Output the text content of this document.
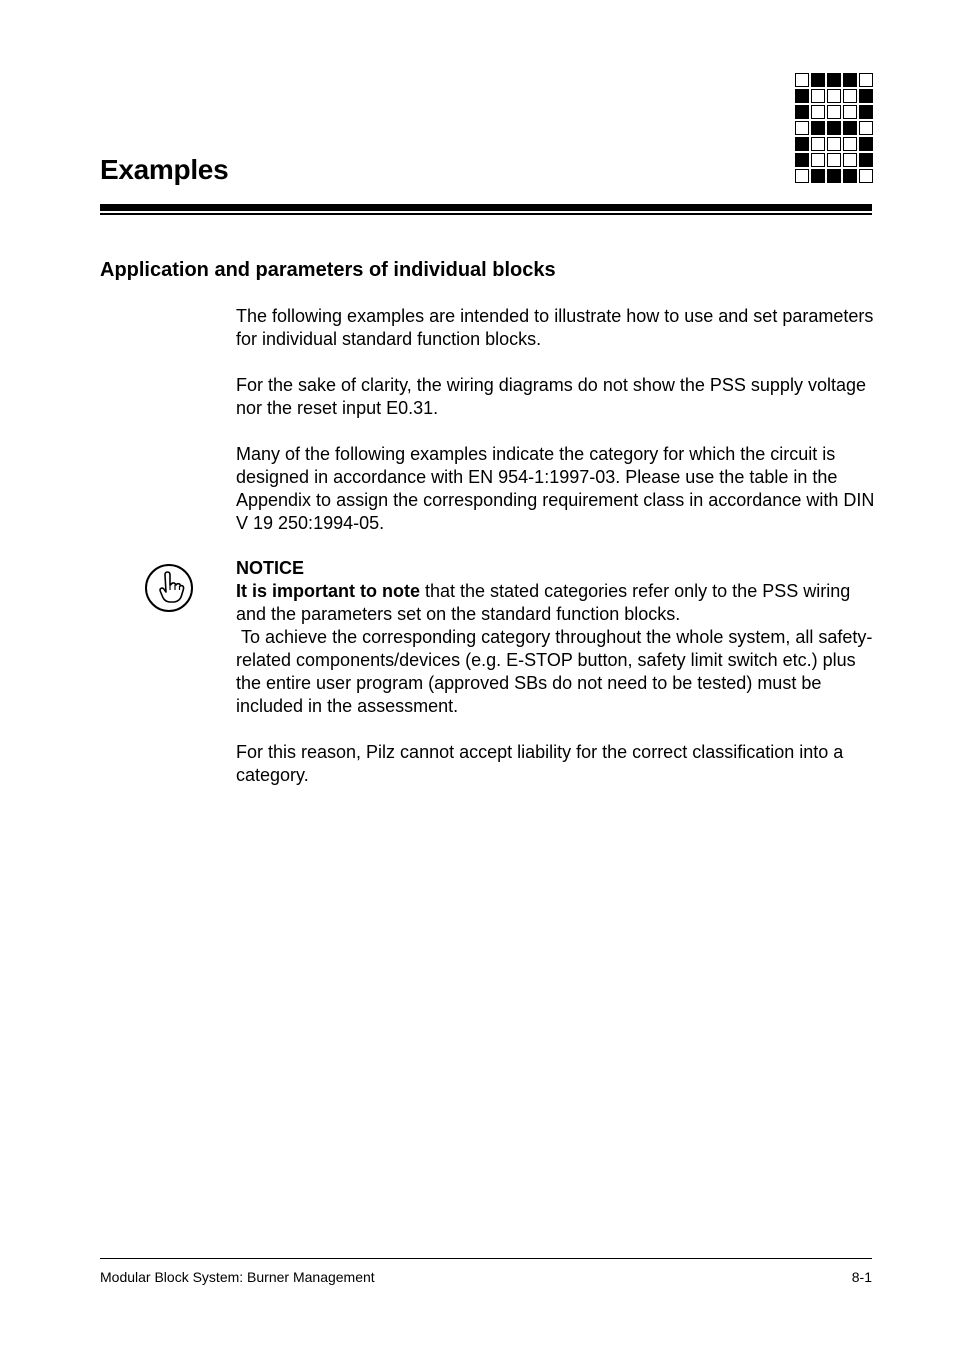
Examples
Application and parameters of individual blocks

The following examples are intended to illustrate how to use and set parameters for individual standard function blocks.

For the sake of clarity, the wiring diagrams do not show the PSS supply voltage nor the reset input E0.31.

Many of the following examples indicate the category for which the circuit is designed in accordance with EN 954-1:1997-03. Please use the table in the Appendix to assign the corresponding requirement class in accordance with DIN V 19 250:1994-05.

NOTICE
It is important to note that the stated categories refer only to the PSS wiring and the parameters set on the standard function blocks.
To achieve the corresponding category throughout the whole system, all safety-related components/devices (e.g. E-STOP button, safety limit switch etc.) plus the entire user program (approved SBs do not need to be tested) must be included in the assessment.

For this reason, Pilz cannot accept liability for the correct classification into a category.

Modular Block System: Burner Management	8-1
